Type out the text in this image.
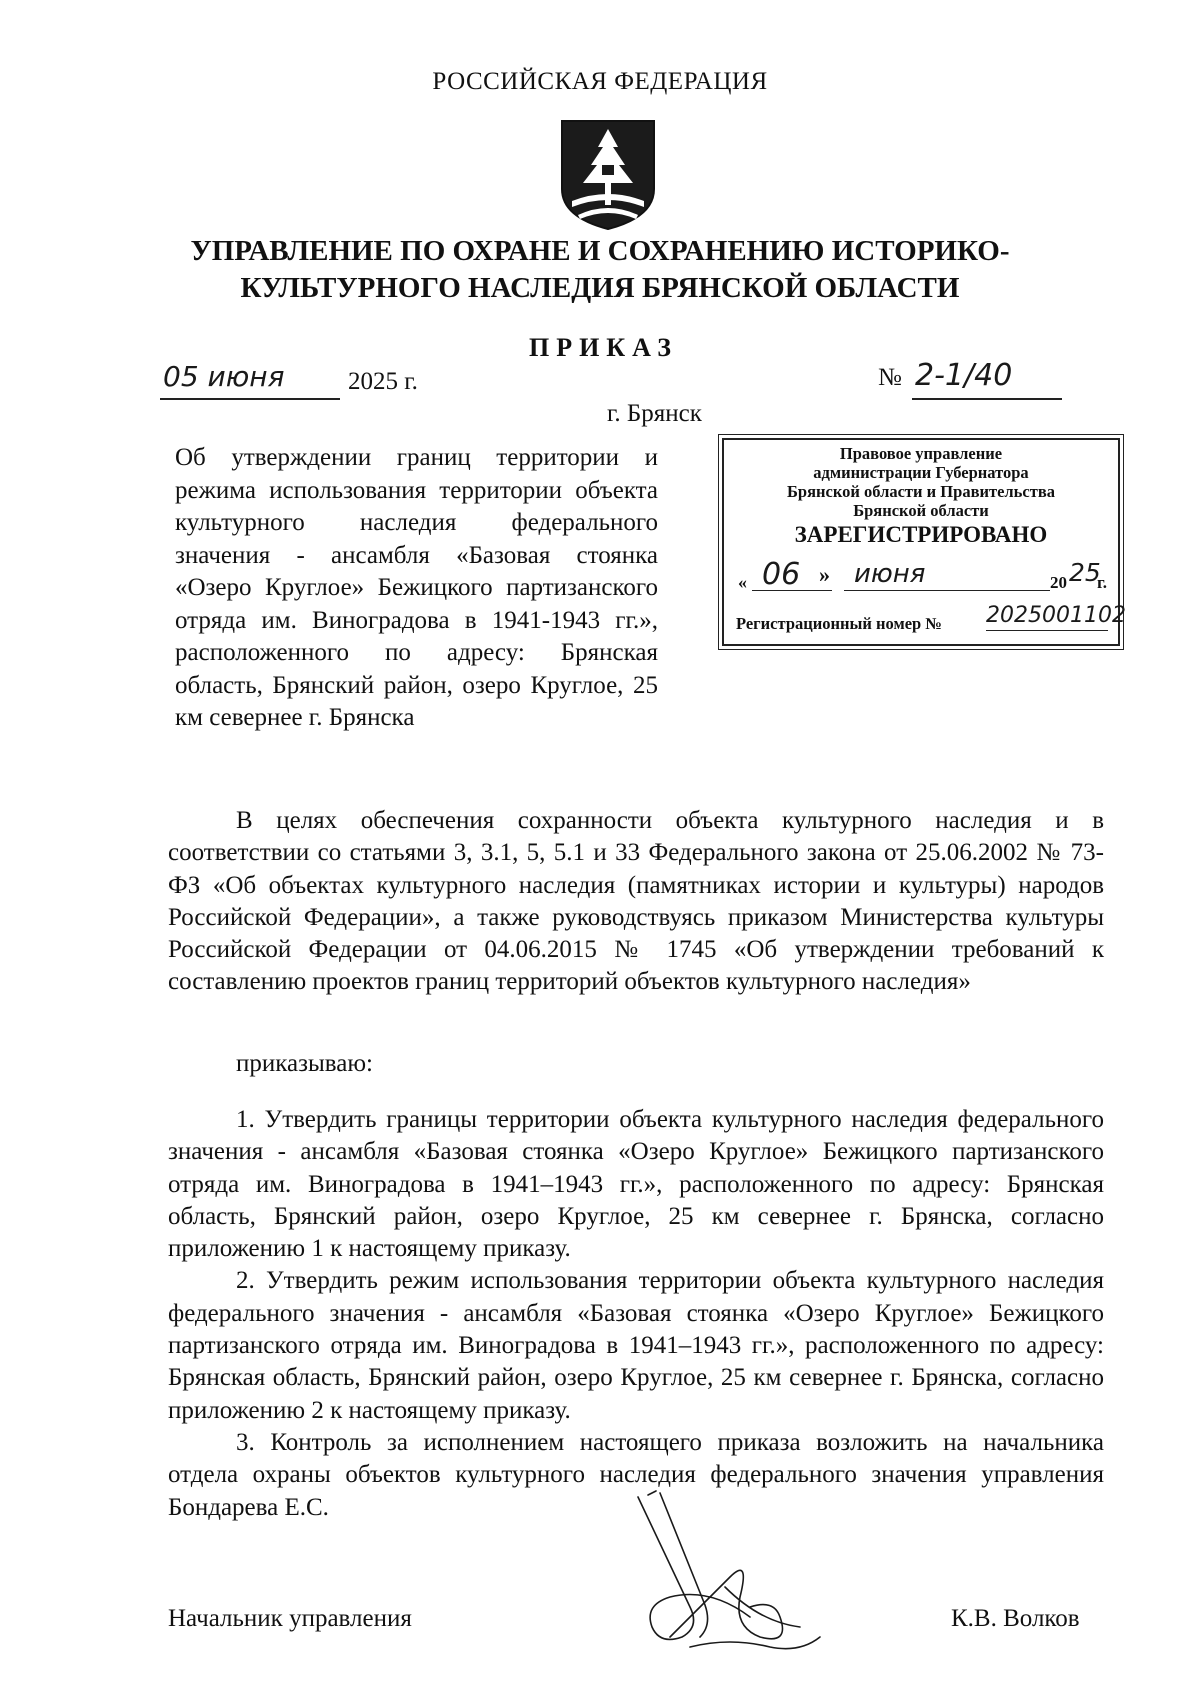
РОССИЙСКАЯ ФЕДЕРАЦИЯ
УПРАВЛЕНИЕ ПО ОХРАНЕ И СОХРАНЕНИЮ ИСТОРИКО-
КУЛЬТУРНОГО НАСЛЕДИЯ БРЯНСКОЙ ОБЛАСТИ
ПРИКАЗ
05 июня	2025 г.	№ 2-1/40
г. Брянск
Об утверждении границ территории и режима использования территории объекта культурного наследия федерального значения - ансамбля «Базовая стоянка «Озеро Круглое» Бежицкого партизанского отряда им. Виноградова в 1941-1943 гг.», расположенного по адресу: Брянская область, Брянский район, озеро Круглое, 25 км севернее г. Брянска
Правовое управление
администрации Губернатора
Брянской области и Правительства
Брянской области
ЗАРЕГИСТРИРОВАНО
« 06 » июня	20 25
г.
Регистрационный номер № 2025001102
В целях обеспечения сохранности объекта культурного наследия и в соответствии со статьями 3, 3.1, 5, 5.1 и 33 Федерального закона от 25.06.2002 № 73-ФЗ «Об объектах культурного наследия (памятниках истории и культуры) народов Российской Федерации», а также руководствуясь приказом Министерства культуры Российской Федерации от 04.06.2015 № 1745 «Об утверждении требований к составлению проектов границ территорий объектов культурного наследия»
приказываю:

1. Утвердить границы территории объекта культурного наследия федерального значения - ансамбля «Базовая стоянка «Озеро Круглое» Бежицкого партизанского отряда им. Виноградова в 1941–1943 гг.», расположенного по адресу: Брянская область, Брянский район, озеро Круглое, 25 км севернее г. Брянска, согласно приложению 1 к настоящему приказу.

2. Утвердить режим использования территории объекта культурного наследия федерального значения - ансамбля «Базовая стоянка «Озеро Круглое» Бежицкого партизанского отряда им. Виноградова в 1941–1943 гг.», расположенного по адресу: Брянская область, Брянский район, озеро Круглое, 25 км севернее г. Брянска, согласно приложению 2 к настоящему приказу.

3. Контроль за исполнением настоящего приказа возложить на начальника отдела охраны объектов культурного наследия федерального значения управления Бондарева Е.С.

Начальник управления	К.В. Волков
